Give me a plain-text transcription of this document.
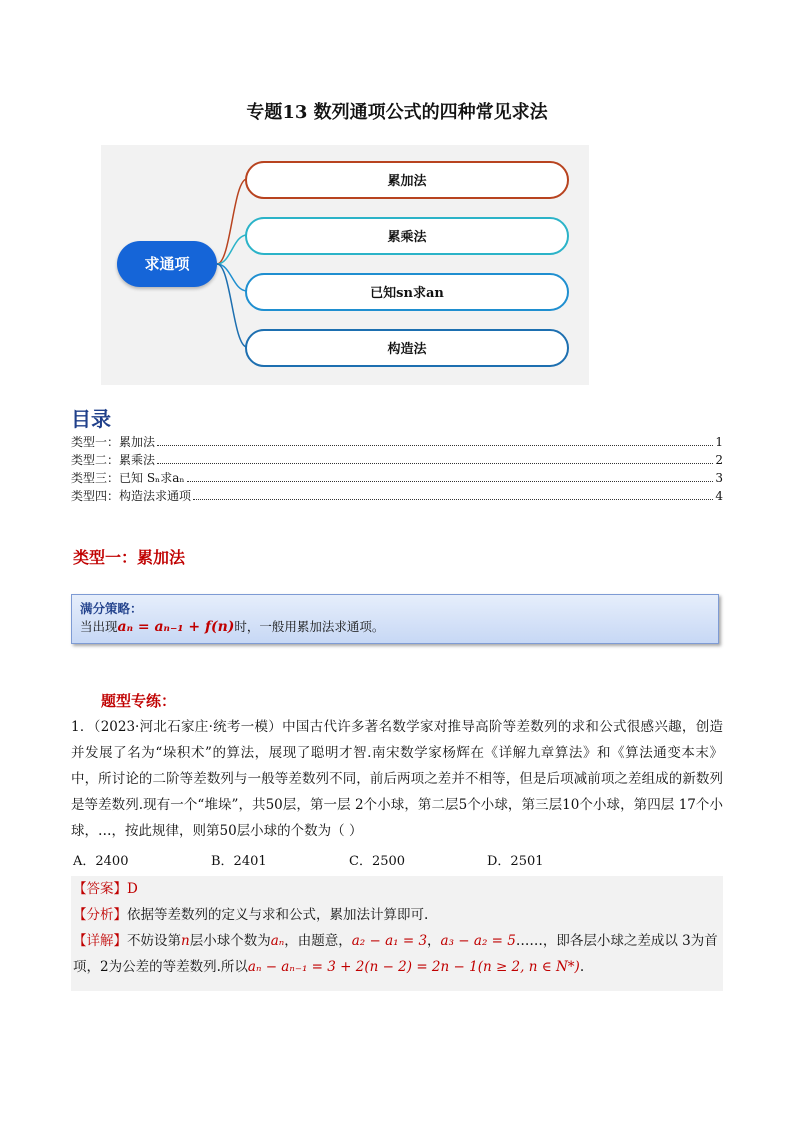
专题13 数列通项公式的四种常见求法
求通项
累加法
累乘法
已知sn求an
构造法
目录
类型一：累加法	1
类型二：累乘法	2
类型三：已知 Sₙ求aₙ	3
类型四：构造法求通项	4
类型一：累加法
满分策略：
当出现aₙ = aₙ₋₁ + f(n)时，一般用累加法求通项。
题型专练：
1．（2023·河北石家庄·统考一模）中国古代许多著名数学家对推导高阶等差数列的求和公式很感兴趣，创造并发展了名为“垛积术”的算法，展现了聪明才智.南宋数学家杨辉在《详解九章算法》和《算法通变本末》中，所讨论的二阶等差数列与一般等差数列不同，前后两项之差并不相等，但是后项减前项之差组成的新数列是等差数列.现有一个“堆垛”，共50层，第一层 2个小球，第二层5个小球，第三层10个小球，第四层 17个小球，…，按此规律，则第50层小球的个数为（ ）
A．2400	B．2401	C．2500	D．2501
【答案】D
【分析】依据等差数列的定义与求和公式，累加法计算即可.
【详解】不妨设第n层小球个数为aₙ，由题意，a₂ − a₁ = 3，a₃ − a₂ = 5……，即各层小球之差成以 3为首项，2为公差的等差数列.所以aₙ − aₙ₋₁ = 3 + 2(n − 2) = 2n − 1(n ≥ 2, n ∈ N*).
